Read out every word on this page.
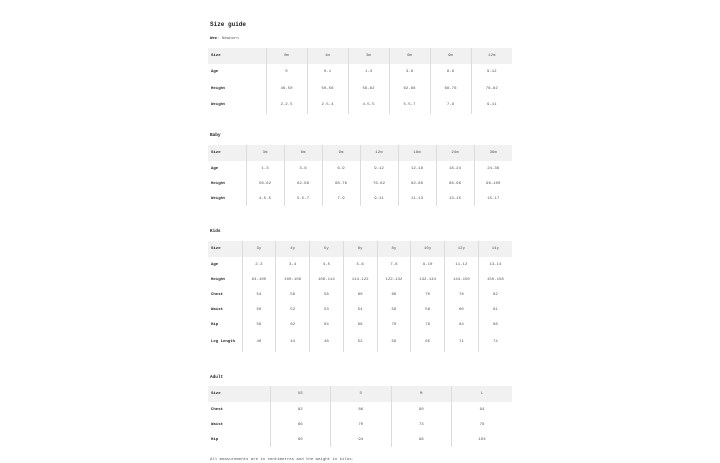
Size guide
Wee: Newborn
Size	0m	1m	3m	6m	9m	12m
Age	0	0-1	1-3	3-6	6-9	9-12
Height	46-50	50-56	56-62	62-68	68-76	76-82
Weight	2-2.5	2.5-4	4-5.5	5.5-7	7-9	9-11
Baby
Size	3m	6m	9m	12m	18m	24m	36m
Age	1-3	3-6	6-9	9-12	12-18	18-24	24-36
Height	56-62	62-68	68-76	76-82	82-88	88-96	96-100
Weight	4-5.5	5.5-7	7-9	9-11	11-13	13-15	15-17
Kids
Size	3y	4y	5y	6y	8y	10y	12y	14y
Age	2-3	3-4	4-5	5-6	7-8	9-10	11-12	13-14
Height	94-100	100-106	106-114	114-122	122-132	132-144	144-150	150-158
Chest	54	56	58	60	66	70	78	82
Waist	50	52	53	54	56	58	60	61
Hip	59	62	64	66	70	76	84	88
Leg Length	40	44	48	52	58	65	71	74
Adult
Size	XS	S	M	L
Chest	82	86	90	94
Waist	66	70	73	76
Hip	90	94	98	104
All measurements are in centimetres and the weight in kilos.
